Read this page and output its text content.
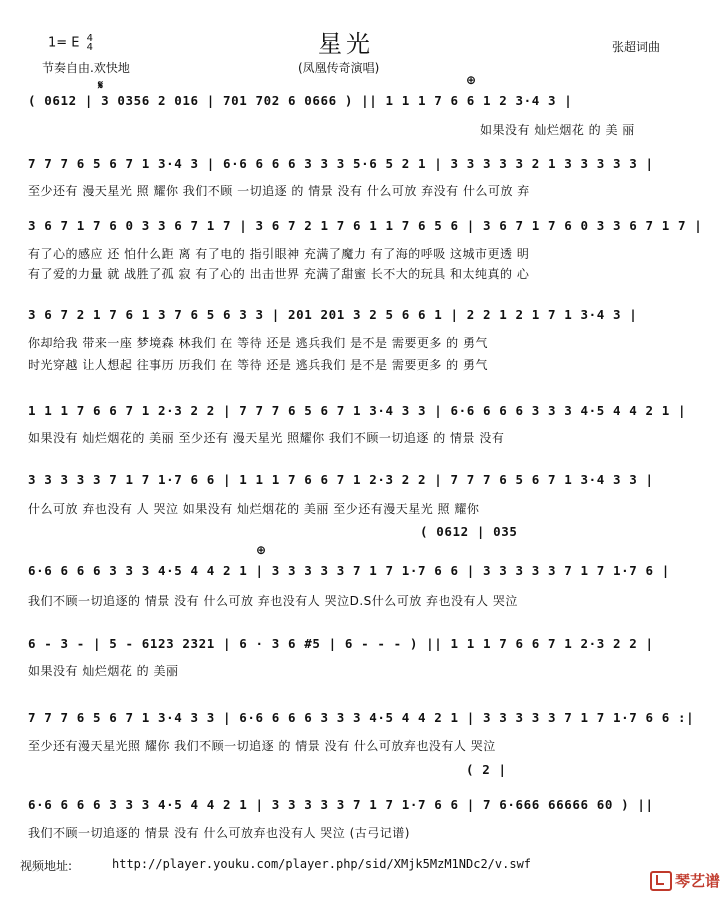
星光
1= E 4
4
节奏自由.欢快地
张超词曲
(凤凰传奇演唱)
𝄋	⊕
( 0612 | 3 0356 2 016 | 701 702 6 0666 ) || 1 1 1 7 6 6 1 2 3·4 3 |
如果没有 灿烂烟花 的 美 丽
7 7 7 6 5 6 7 1 3·4 3 | 6·6 6 6 6 3 3 3 5·6 5 2 1 | 3 3 3 3 3 2 1 3 3 3 3 3 |
至少还有 漫天星光 照 耀你 我们不顾 一切追逐 的 情景 没有 什么可放 弃没有 什么可放 弃
3 6 7 1 7 6 0 3 3 6 7 1 7 | 3 6 7 2 1 7 6 1 1 7 6 5 6 | 3 6 7 1 7 6 0 3 3 6 7 1 7 |
有了心的感应 还 怕什么距 离 有了电的 指引眼神 充满了魔力 有了海的呼吸 这城市更透 明
有了爱的力量 就 战胜了孤 寂 有了心的 出击世界 充满了甜蜜 长不大的玩具 和太纯真的 心
3 6 7 2 1 7 6 1 3 7 6 5 6 3 3 | 201 201 3 2 5 6 6 1 | 2 2 1 2 1 7 1 3·4 3 |
你却给我 带来一座 梦境森 林我们 在 等待 还是 逃兵我们 是不是 需要更多 的 勇气
时光穿越 让人想起 往事历 历我们 在 等待 还是 逃兵我们 是不是 需要更多 的 勇气
1 1 1 7 6 6 7 1 2·3 2 2 | 7 7 7 6 5 6 7 1 3·4 3 3 | 6·6 6 6 6 3 3 3 4·5 4 4 2 1 |
如果没有 灿烂烟花的 美丽 至少还有 漫天星光 照耀你 我们不顾一切追逐 的 情景 没有
3 3 3 3 3 7 1 7 1·7 6 6 | 1 1 1 7 6 6 7 1 2·3 2 2 | 7 7 7 6 5 6 7 1 3·4 3 3 |
什么可放 弃也没有 人 哭泣 如果没有 灿烂烟花的 美丽 至少还有漫天星光 照 耀你
( 0612 | 035
⊕
6·6 6 6 6 3 3 3 4·5 4 4 2 1 | 3 3 3 3 3 7 1 7 1·7 6 6 | 3 3 3 3 3 7 1 7 1·7 6 |
我们不顾一切追逐的 情景 没有 什么可放 弃也没有人 哭泣D.S什么可放 弃也没有人 哭泣
6 - 3 - | 5 - 6123 2321 | 6 · 3 6 #5 | 6 - - - ) || 1 1 1 7 6 6 7 1 2·3 2 2 |
如果没有 灿烂烟花 的 美丽
7 7 7 6 5 6 7 1 3·4 3 3 | 6·6 6 6 6 3 3 3 4·5 4 4 2 1 | 3 3 3 3 3 7 1 7 1·7 6 6 :|
至少还有漫天星光照 耀你 我们不顾一切追逐 的 情景 没有 什么可放弃也没有人 哭泣
( 2 |
6·6 6 6 6 3 3 3 4·5 4 4 2 1 | 3 3 3 3 3 7 1 7 1·7 6 6 | 7 6·666 66666 60 ) ||
我们不顾一切追逐的 情景 没有 什么可放弃也没有人 哭泣 (古弓记谱)
视频地址:	http://player.youku.com/player.php/sid/XMjk5MzM1NDc2/v.swf
琴艺谱
